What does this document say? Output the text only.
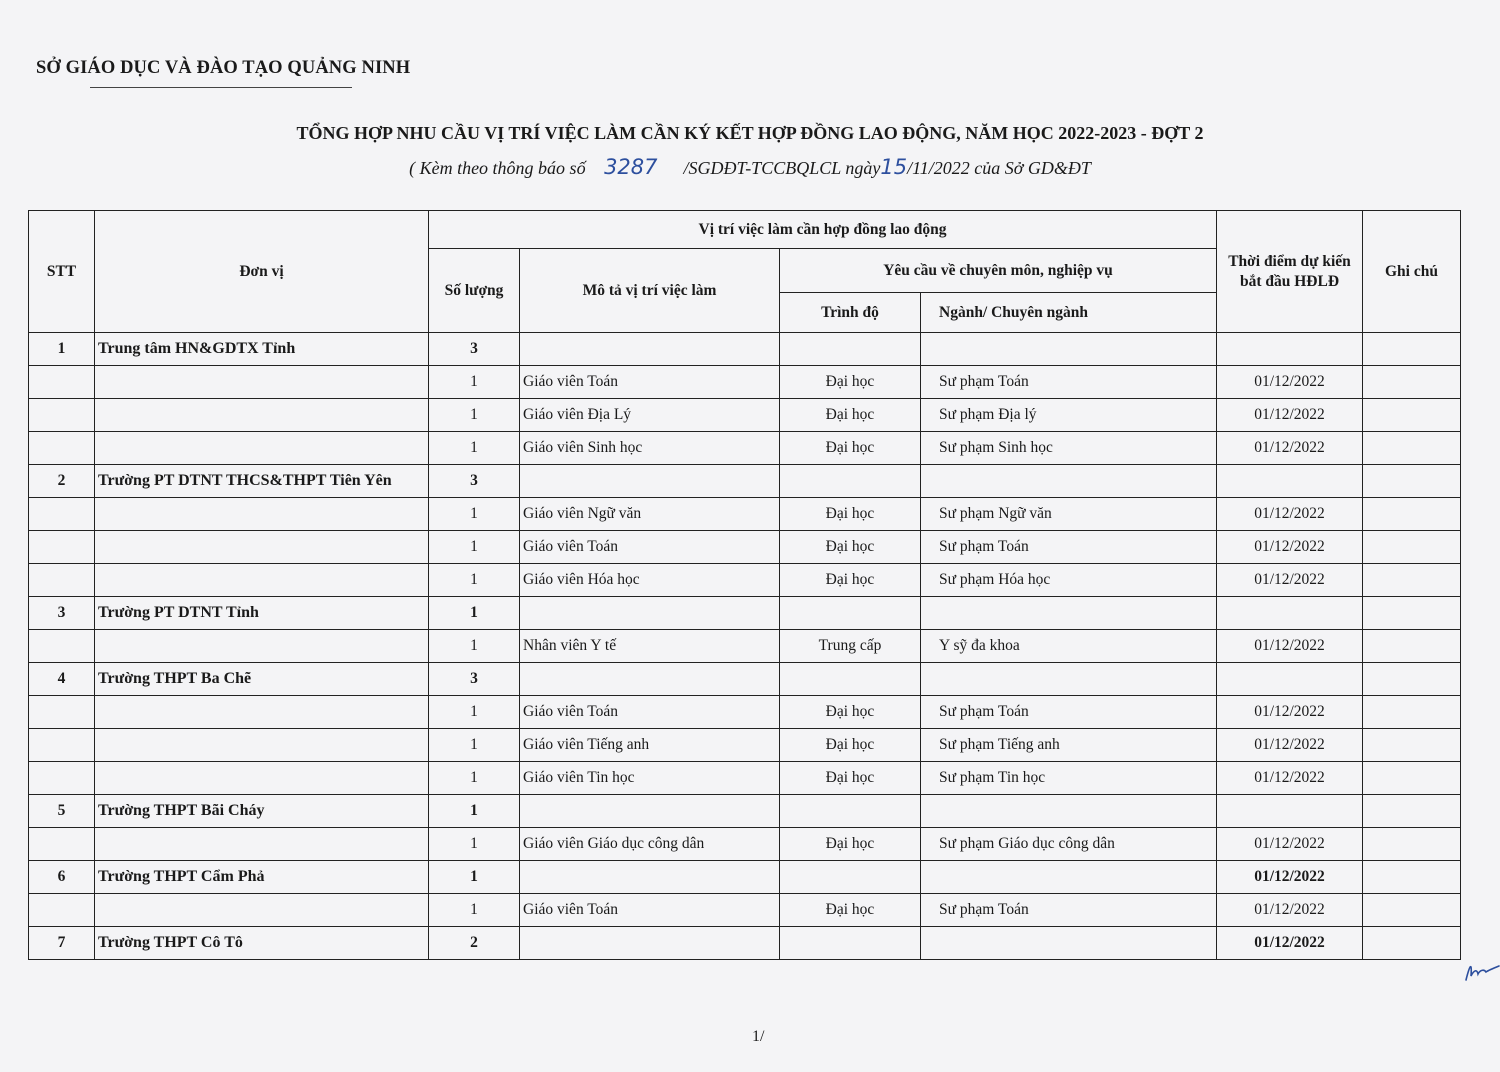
SỞ GIÁO DỤC VÀ ĐÀO TẠO QUẢNG NINH
TỔNG HỢP NHU CẦU VỊ TRÍ VIỆC LÀM CẦN KÝ KẾT HỢP ĐỒNG LAO ĐỘNG, NĂM HỌC 2022-2023 - ĐỢT 2
( Kèm theo thông báo số 3287 /SGDĐT-TCCBQLCL ngày15/11/2022 của Sở GD&ĐT
STT	Đơn vị	Vị trí việc làm cần hợp đồng lao động				Thời điểm dự kiến bắt đầu HĐLĐ	Ghi chú
		Số lượng	Mô tả vị trí việc làm	Yêu cầu về chuyên môn, nghiệp vụ			
				Trình độ	Ngành/ Chuyên ngành		
1	Trung tâm HN&GDTX Tỉnh	3					
		1	Giáo viên Toán	Đại học	Sư phạm Toán	01/12/2022	
		1	Giáo viên Địa Lý	Đại học	Sư phạm Địa lý	01/12/2022	
		1	Giáo viên Sinh học	Đại học	Sư phạm Sinh học	01/12/2022	
2	Trường PT DTNT THCS&THPT Tiên Yên	3					
		1	Giáo viên Ngữ văn	Đại học	Sư phạm Ngữ văn	01/12/2022	
		1	Giáo viên Toán	Đại học	Sư phạm Toán	01/12/2022	
		1	Giáo viên Hóa học	Đại học	Sư phạm Hóa học	01/12/2022	
3	Trường PT DTNT Tỉnh	1					
		1	Nhân viên Y tế	Trung cấp	Y sỹ đa khoa	01/12/2022	
4	Trường THPT Ba Chẽ	3					
		1	Giáo viên Toán	Đại học	Sư phạm Toán	01/12/2022	
		1	Giáo viên Tiếng anh	Đại học	Sư phạm Tiếng anh	01/12/2022	
		1	Giáo viên Tin học	Đại học	Sư phạm Tin học	01/12/2022	
5	Trường THPT Bãi Cháy	1					
		1	Giáo viên Giáo dục công dân	Đại học	Sư phạm Giáo dục công dân	01/12/2022	
6	Trường THPT Cẩm Phả	1				01/12/2022	
		1	Giáo viên Toán	Đại học	Sư phạm Toán	01/12/2022	
7	Trường THPT Cô Tô	2				01/12/2022	
1/
